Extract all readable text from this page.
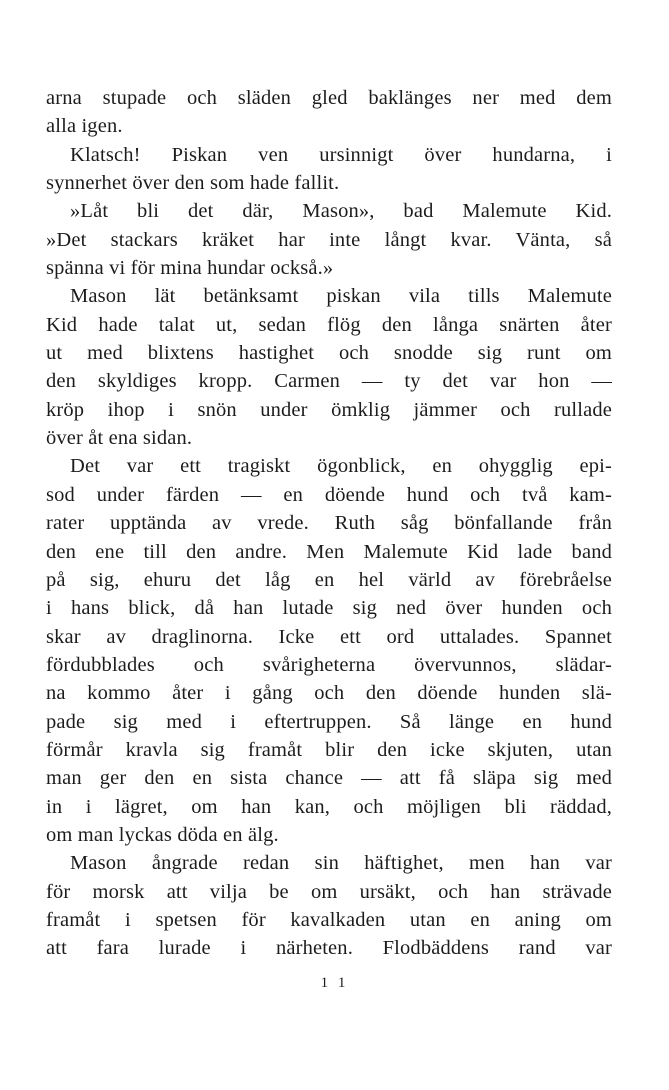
arna stupade och släden gled baklänges ner med dem
alla igen.
Klatsch! Piskan ven ursinnigt över hundarna, i
synnerhet över den som hade fallit.
»Låt bli det där, Mason», bad Malemute Kid.
»Det stackars kräket har inte långt kvar. Vänta, så
spänna vi för mina hundar också.»
Mason lät betänksamt piskan vila tills Malemute
Kid hade talat ut, sedan flög den långa snärten åter
ut med blixtens hastighet och snodde sig runt om
den skyldiges kropp. Carmen — ty det var hon —
kröp ihop i snön under ömklig jämmer och rullade
över åt ena sidan.
Det var ett tragiskt ögonblick, en ohygglig epi-
sod under färden — en döende hund och två kam-
rater upptända av vrede. Ruth såg bönfallande från
den ene till den andre. Men Malemute Kid lade band
på sig, ehuru det låg en hel värld av förebråelse
i hans blick, då han lutade sig ned över hunden och
skar av draglinorna. Icke ett ord uttalades. Spannet
fördubblades och svårigheterna övervunnos, slädar-
na kommo åter i gång och den döende hunden slä-
pade sig med i eftertruppen. Så länge en hund
förmår kravla sig framåt blir den icke skjuten, utan
man ger den en sista chance — att få släpa sig med
in i lägret, om han kan, och möjligen bli räddad,
om man lyckas döda en älg.
Mason ångrade redan sin häftighet, men han var
för morsk att vilja be om ursäkt, och han strävade
framåt i spetsen för kavalkaden utan en aning om
att fara lurade i närheten. Flodbäddens rand var
1 1
